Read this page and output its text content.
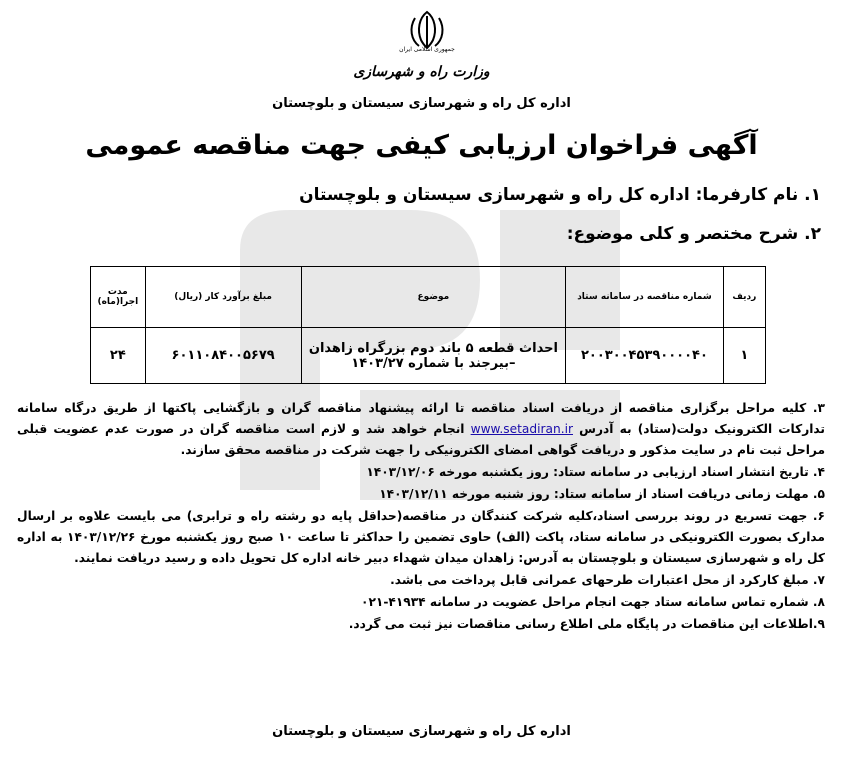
جمهوری اسلامی ایران
وزارت راه و شهرسازی
اداره کل راه و شهرسازی سیستان و بلوچستان
آگهی فراخوان ارزیابی کیفی جهت مناقصه عمومی
۱. نام کارفرما: اداره کل راه و شهرسازی سیستان و بلوچستان
۲. شرح مختصر و کلی موضوع:
ردیف	شماره مناقصه در سامانه ستاد	موضوع	مبلغ برآورد کار (ریال)	مدت اجرا(ماه)
۱	۲۰۰۳۰۰۴۵۳۹۰۰۰۰۴۰	احداث قطعه ۵ باند دوم بزرگراه زاهدان –بیرجند با شماره ۱۴۰۳/۲۷	۶۰۱۱۰۸۴۰۰۵۶۷۹	۲۴

۳. کلیه مراحل برگزاری مناقصه از دریافت اسناد مناقصه تا ارائه پیشنهاد مناقصه گران و بازگشایی پاکتها از طریق درگاه سامانه تدارکات الکترونیک دولت(ستاد) به آدرس www.setadiran.ir انجام خواهد شد و لازم است مناقصه گران در صورت عدم عضویت قبلی مراحل ثبت نام در سایت مذکور و دریافت گواهی امضای الکترونیکی را جهت شرکت در مناقصه محقق سازند.

۴. تاریخ انتشار اسناد ارزیابی در سامانه ستاد: روز یکشنبه مورخه ۱۴۰۳/۱۲/۰۶

۵. مهلت زمانی دریافت اسناد از سامانه ستاد: روز شنبه مورخه ۱۴۰۳/۱۲/۱۱

۶. جهت تسریع در روند بررسی اسناد،کلیه شرکت کنندگان در مناقصه(حداقل پایه دو رشته راه و ترابری) می بایست علاوه بر ارسال مدارک بصورت الکترونیکی در سامانه ستاد، پاکت (الف) حاوی تضمین را حداکثر تا ساعت ۱۰ صبح روز یکشنبه مورخ ۱۴۰۳/۱۲/۲۶ به اداره کل راه و شهرسازی سیستان و بلوچستان به آدرس: زاهدان میدان شهداء دبیر خانه اداره کل تحویل داده و رسید دریافت نمایند.

۷. مبلغ کارکرد از محل اعتبارات طرحهای عمرانی قابل پرداخت می باشد.

۸. شماره تماس سامانه ستاد جهت انجام مراحل عضویت در سامانه ۴۱۹۳۴-۰۲۱

۹.اطلاعات این مناقصات در پایگاه ملی اطلاع رسانی مناقصات نیز ثبت می گردد.

اداره کل راه و شهرسازی سیستان و بلوچستان
